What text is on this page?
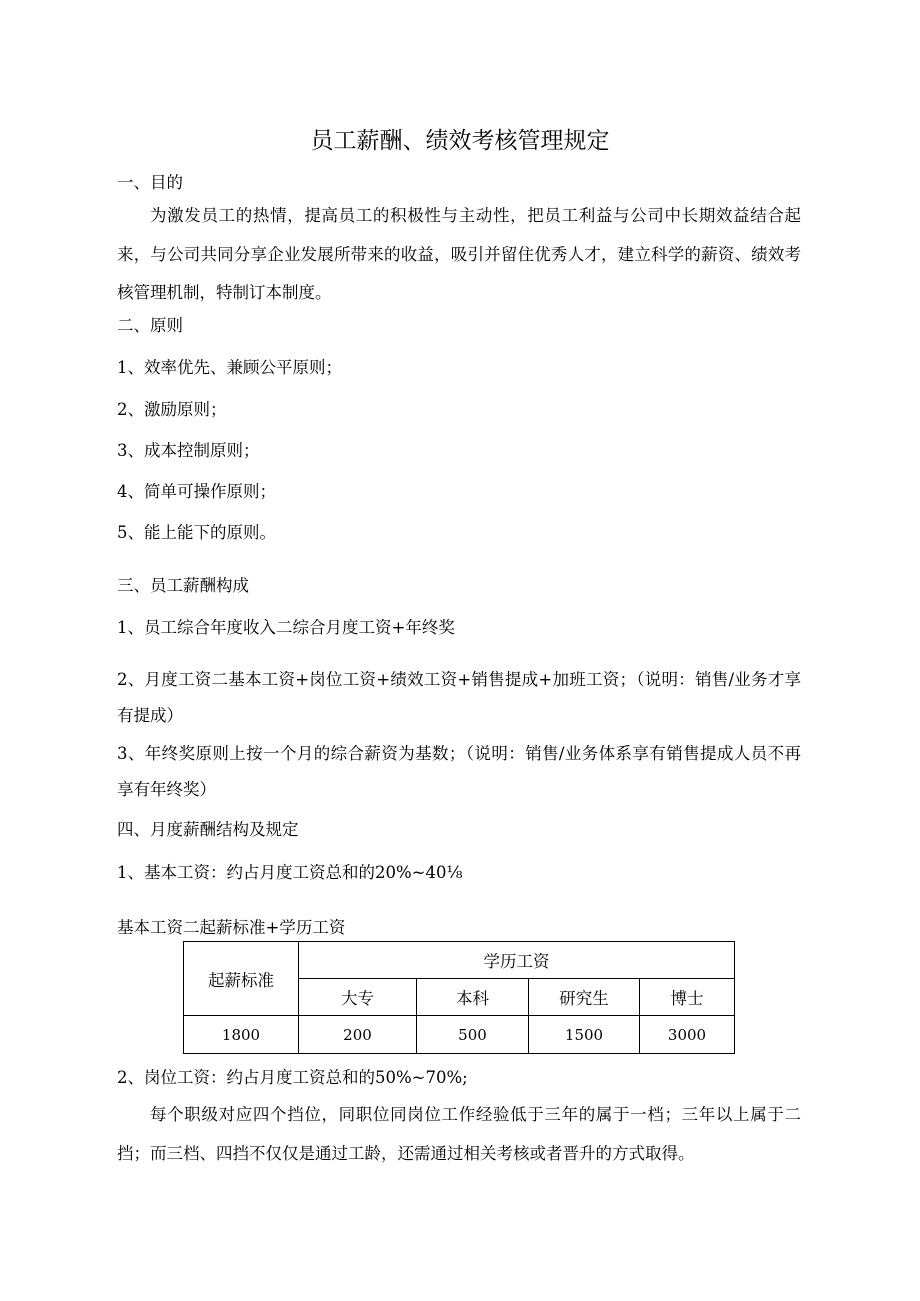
员工薪酬、绩效考核管理规定
一、目的
为激发员工的热情，提高员工的积极性与主动性，把员工利益与公司中长期效益结合起来，与公司共同分享企业发展所带来的收益，吸引并留住优秀人才，建立科学的薪资、绩效考核管理机制，特制订本制度。
二、原则
1、效率优先、兼顾公平原则；
2、激励原则；
3、成本控制原则；
4、简单可操作原则；
5、能上能下的原则。
三、员工薪酬构成
1、员工综合年度收入二综合月度工资+年终奖
2、月度工资二基本工资+岗位工资+绩效工资+销售提成+加班工资；（说明：销售/业务才享有提成）
3、年终奖原则上按一个月的综合薪资为基数；（说明：销售/业务体系享有销售提成人员不再享有年终奖）
四、月度薪酬结构及规定
1、基本工资：约占月度工资总和的20%~40⅛
基本工资二起薪标准+学历工资
起薪标准	学历工资			
	大专	本科	研究生	博士
1800	200	500	1500	3000
2、岗位工资：约占月度工资总和的50%~70%;
每个职级对应四个挡位，同职位同岗位工作经验低于三年的属于一档；三年以上属于二挡；而三档、四挡不仅仅是通过工龄，还需通过相关考核或者晋升的方式取得。
